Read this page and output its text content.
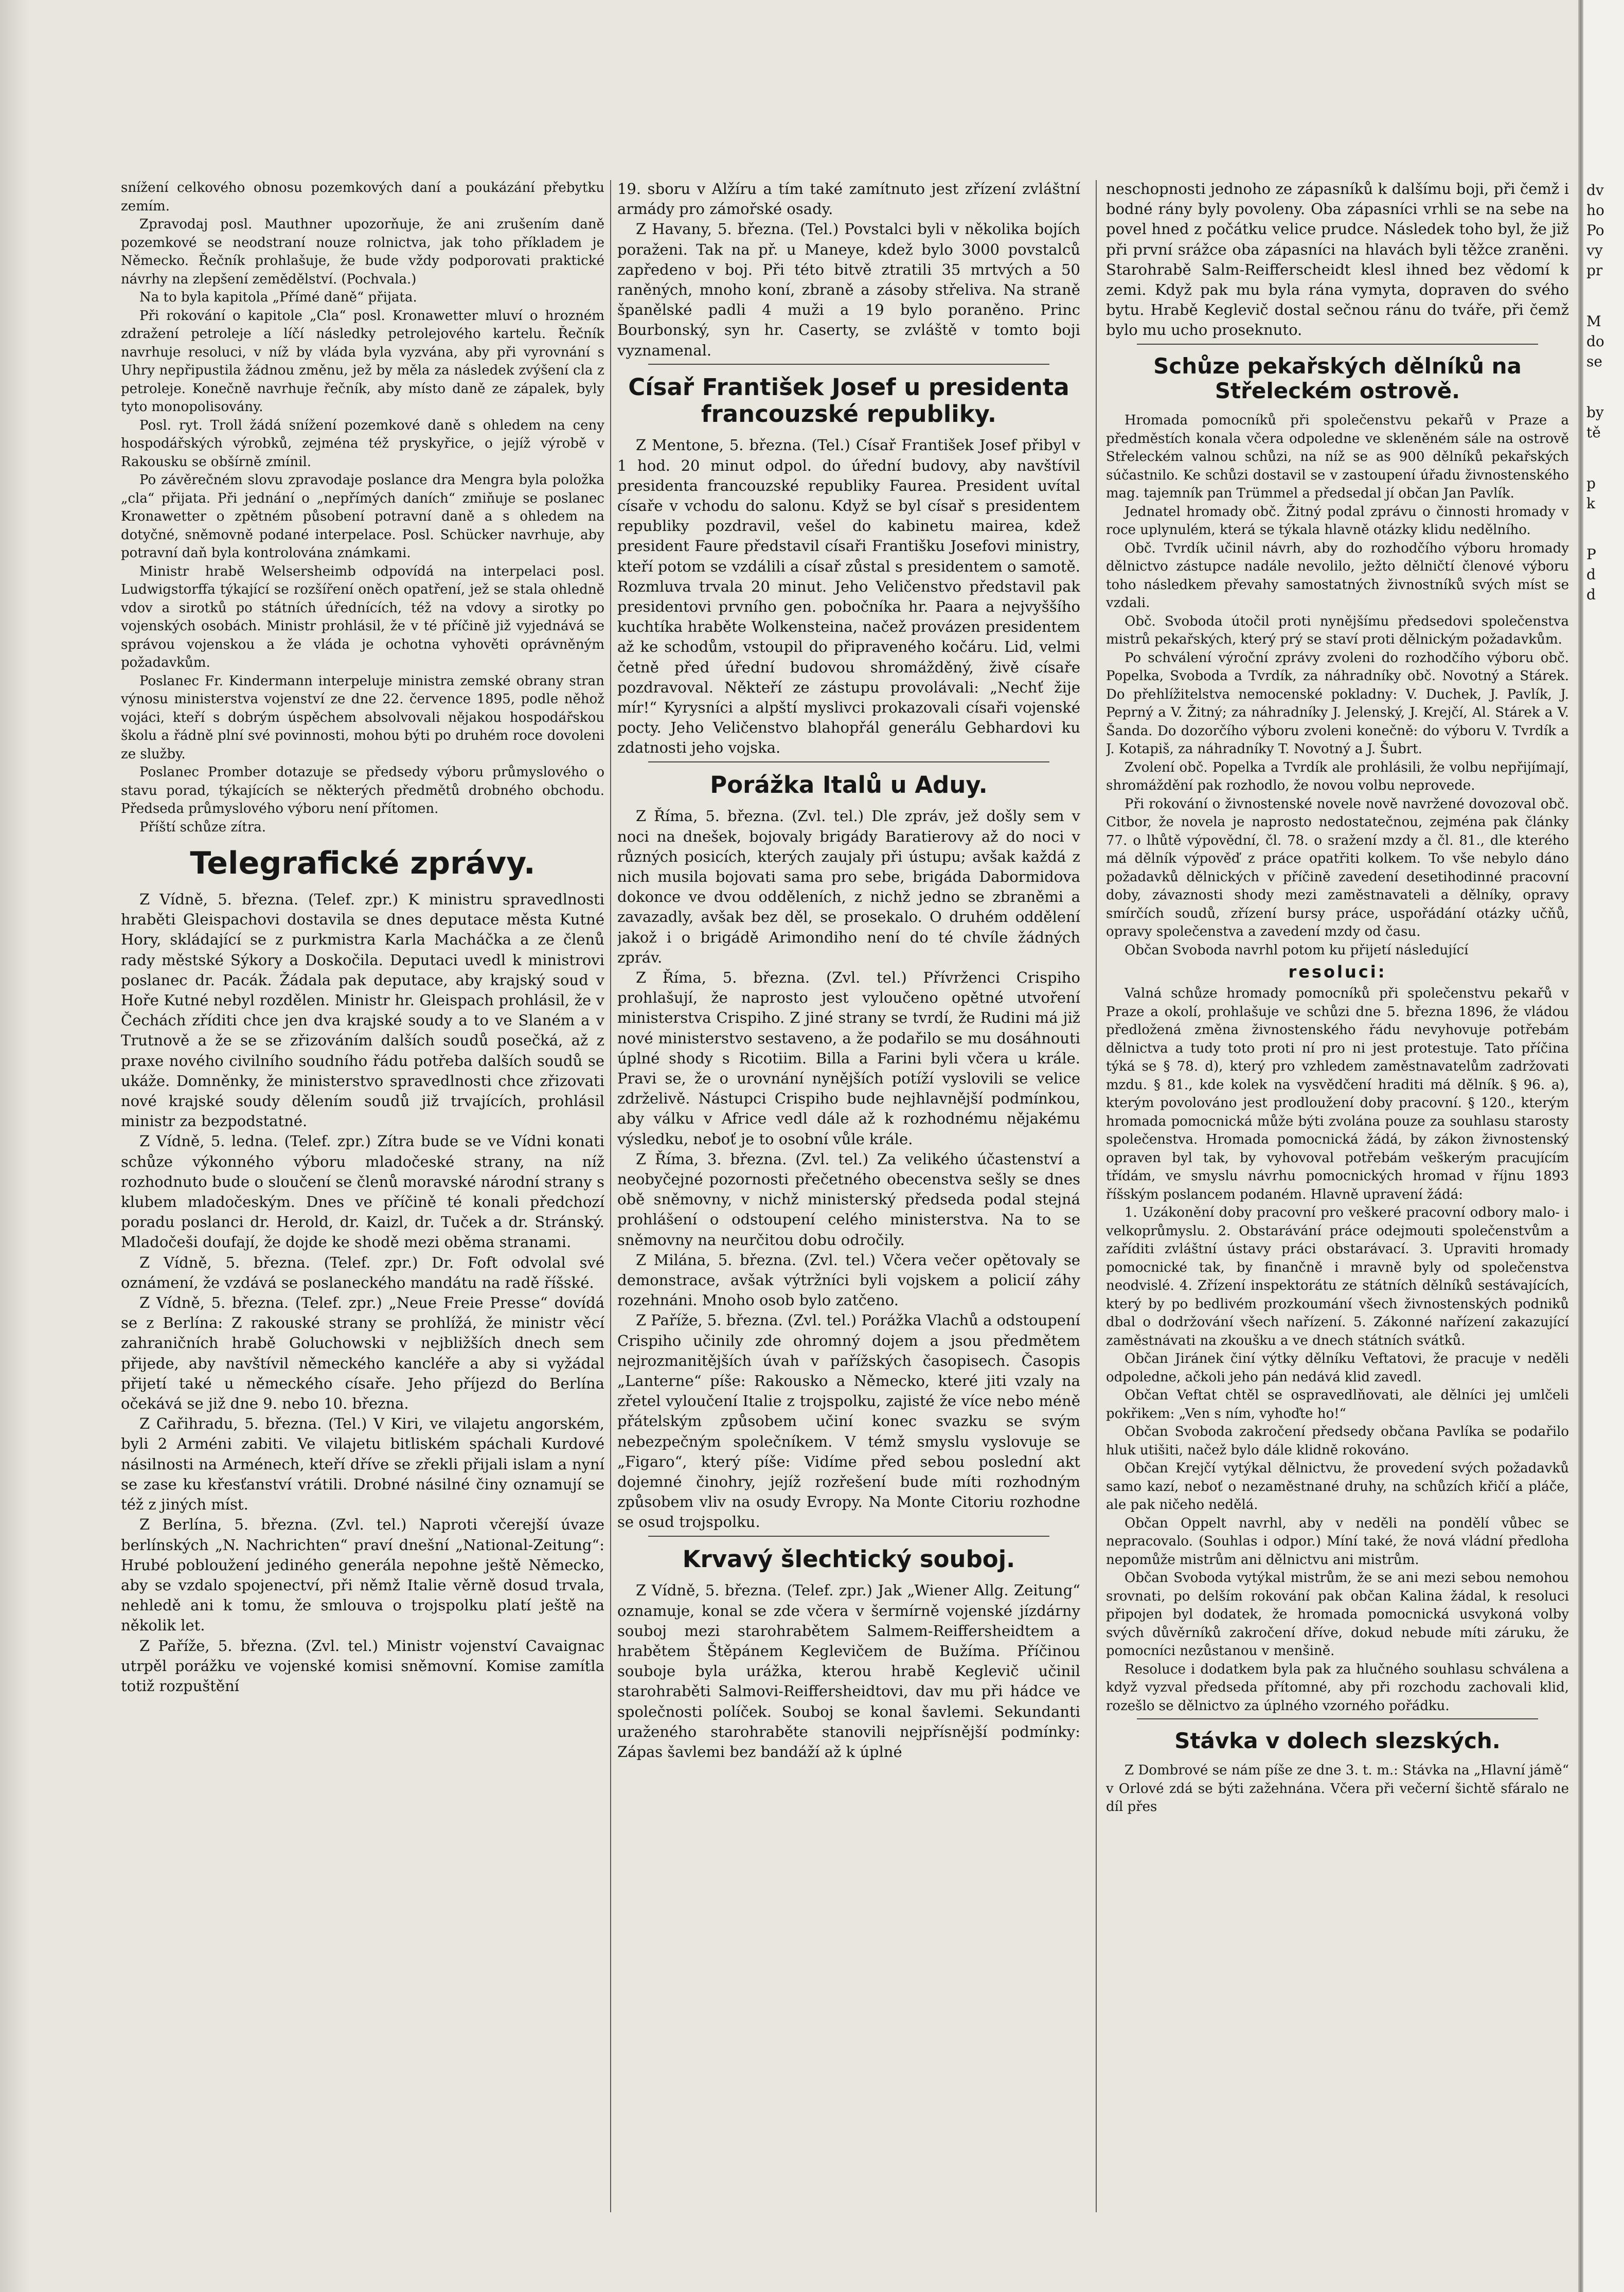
snížení celkového obnosu pozemkových daní a poukázání přebytku zemím.

Zpravodaj posl. Mauthner upozorňuje, že ani zrušením daně pozemkové se neodstraní nouze rolnictva, jak toho příkladem je Německo. Řečník prohlašuje, že bude vždy podporovati praktické návrhy na zlepšení zemědělství. (Pochvala.)

Na to byla kapitola „Přímé daně“ přijata.

Při rokování o kapitole „Cla“ posl. Kronawetter mluví o hrozném zdražení petroleje a líčí následky petrolejového kartelu. Řečník navrhuje resoluci, v níž by vláda byla vyzvána, aby při vyrovnání s Uhry nepřipustila žádnou změnu, jež by měla za následek zvýšení cla z petroleje. Konečně navrhuje řečník, aby místo daně ze zápalek, byly tyto monopolisovány.

Posl. ryt. Troll žádá snížení pozemkové daně s ohledem na ceny hospodářských výrobků, zejména též pryskyřice, o jejíž výrobě v Rakousku se obšírně zmínil.

Po závěrečném slovu zpravodaje poslance dra Mengra byla položka „cla“ přijata. Při jednání o „nepřímých daních“ zmiňuje se poslanec Kronawetter o zpětném působení potravní daně a s ohledem na dotyčné, sněmovně podané interpelace. Posl. Schücker navrhuje, aby potravní daň byla kontrolována známkami.

Ministr hrabě Welsersheimb odpovídá na interpelaci posl. Ludwigstorffa týkající se rozšíření oněch opatření, jež se stala ohledně vdov a sirotků po státních úřednících, též na vdovy a sirotky po vojenských osobách. Ministr prohlásil, že v té příčině již vyjednává se správou vojenskou a že vláda je ochotna vyhověti oprávněným požadavkům.

Poslanec Fr. Kindermann interpeluje ministra zemské obrany stran výnosu ministerstva vojenství ze dne 22. července 1895, podle něhož vojáci, kteří s dobrým úspěchem absolvovali nějakou hospodářskou školu a řádně plní své povinnosti, mohou býti po druhém roce dovoleni ze služby.

Poslanec Promber dotazuje se předsedy výboru průmyslového o stavu porad, týkajících se některých předmětů drobného obchodu. Předseda průmyslového výboru není přítomen.

Příští schůze zítra.

Telegrafické zprávy.

Z Vídně, 5. března. (Telef. zpr.) K ministru spravedlnosti hraběti Gleispachovi dostavila se dnes deputace města Kutné Hory, skládající se z purkmistra Karla Macháčka a ze členů rady městské Sýkory a Doskočila. Deputaci uvedl k ministrovi poslanec dr. Pacák. Žádala pak deputace, aby krajský soud v Hoře Kutné nebyl rozdělen. Ministr hr. Gleispach prohlásil, že v Čechách zříditi chce jen dva krajské soudy a to ve Slaném a v Trutnově a že se se zřizováním dalších soudů posečká, až z praxe nového civilního soudního řádu potřeba dalších soudů se ukáže. Domněnky, že ministerstvo spravedlnosti chce zřizovati nové krajské soudy dělením soudů již trvajících, prohlásil ministr za bezpodstatné.

Z Vídně, 5. ledna. (Telef. zpr.) Zítra bude se ve Vídni konati schůze výkonného výboru mladočeské strany, na níž rozhodnuto bude o sloučení se členů moravské národní strany s klubem mladočeským. Dnes ve příčině té konali předchozí poradu poslanci dr. Herold, dr. Kaizl, dr. Tuček a dr. Stránský. Mladočeši doufají, že dojde ke shodě mezi oběma stranami.

Z Vídně, 5. března. (Telef. zpr.) Dr. Foft odvolal své oznámení, že vzdává se poslaneckého mandátu na radě říšské.

Z Vídně, 5. března. (Telef. zpr.) „Neue Freie Presse“ dovídá se z Berlína: Z rakouské strany se prohlížá, že ministr věcí zahraničních hrabě Goluchowski v nejbližších dnech sem přijede, aby navštívil německého kancléře a aby si vyžádal přijetí také u německého císaře. Jeho příjezd do Berlína očekává se již dne 9. nebo 10. března.

Z Cařihradu, 5. března. (Tel.) V Kiri, ve vilajetu angorském, byli 2 Arméni zabiti. Ve vilajetu bitliském spáchali Kurdové násilnosti na Arménech, kteří dříve se zřekli přijali islam a nyní se zase ku křesťanství vrátili. Drobné násilné činy oznamují se též z jiných míst.

Z Berlína, 5. března. (Zvl. tel.) Naproti včerejší úvaze berlínských „N. Nachrichten“ praví dnešní „National-Zeitung“: Hrubé pobloužení jediného generála nepohne ještě Německo, aby se vzdalo spojenectví, při němž Italie věrně dosud trvala, nehledě ani k tomu, že smlouva o trojspolku platí ještě na několik let.

Z Paříže, 5. března. (Zvl. tel.) Ministr vojenství Cavaignac utrpěl porážku ve vojenské komisi sněmovní. Komise zamítla totiž rozpuštění

19. sboru v Alžíru a tím také zamítnuto jest zřízení zvláštní armády pro zámořské osady.

Z Havany, 5. března. (Tel.) Povstalci byli v několika bojích poraženi. Tak na př. u Maneye, kdež bylo 3000 povstalců zapředeno v boj. Při této bitvě ztratili 35 mrtvých a 50 raněných, mnoho koní, zbraně a zásoby střeliva. Na straně španělské padli 4 muži a 19 bylo poraněno. Princ Bourbonský, syn hr. Caserty, se zvláště v tomto boji vyznamenal.

Císař František Josef u presidenta francouzské republiky.

Z Mentone, 5. března. (Tel.) Císař František Josef přibyl v 1 hod. 20 minut odpol. do úřední budovy, aby navštívil presidenta francouzské republiky Faurea. President uvítal císaře v vchodu do salonu. Když se byl císař s presidentem republiky pozdravil, vešel do kabinetu mairea, kdež president Faure představil císaři Františku Josefovi ministry, kteří potom se vzdálili a císař zůstal s presidentem o samotě. Rozmluva trvala 20 minut. Jeho Veličenstvo představil pak presidentovi prvního gen. pobočníka hr. Paara a nejvyššího kuchtíka hraběte Wolkensteina, načež provázen presidentem až ke schodům, vstoupil do připraveného kočáru. Lid, velmi četně před úřední budovou shromážděný, živě císaře pozdravoval. Někteří ze zástupu provolávali: „Nechť žije mír!“ Kyrysníci a alpští myslivci prokazovali císaři vojenské pocty. Jeho Veličenstvo blahopřál generálu Gebhardovi ku zdatnosti jeho vojska.

Porážka Italů u Aduy.

Z Říma, 5. března. (Zvl. tel.) Dle zpráv, jež došly sem v noci na dnešek, bojovaly brigády Baratierovy až do noci v různých posicích, kterých zaujaly při ústupu; avšak každá z nich musila bojovati sama pro sebe, brigáda Dabormidova dokonce ve dvou odděleních, z nichž jedno se zbraněmi a zavazadly, avšak bez děl, se prosekalo. O druhém oddělení jakož i o brigádě Arimondiho není do té chvíle žádných zpráv.

Z Říma, 5. března. (Zvl. tel.) Přívrženci Crispiho prohlašují, že naprosto jest vyloučeno opětné utvoření ministerstva Crispiho. Z jiné strany se tvrdí, že Rudini má již nové ministerstvo sestaveno, a že podařilo se mu dosáhnouti úplné shody s Ricotiim. Billa a Farini byli včera u krále. Pravi se, že o urovnání nynějších potíží vyslovili se velice zdrželivě. Nástupci Crispiho bude nejhlavnější podmínkou, aby válku v Africe vedl dále až k rozhodnému nějakému výsledku, neboť je to osobní vůle krále.

Z Říma, 3. března. (Zvl. tel.) Za velikého účastenství a neobyčejné pozornosti přečetného obecenstva sešly se dnes obě sněmovny, v nichž ministerský předseda podal stejná prohlášení o odstoupení celého ministerstva. Na to se sněmovny na neurčitou dobu odročily.

Z Milána, 5. března. (Zvl. tel.) Včera večer opětovaly se demonstrace, avšak výtržníci byli vojskem a policií záhy rozehnáni. Mnoho osob bylo zatčeno.

Z Paříže, 5. března. (Zvl. tel.) Porážka Vlachů a odstoupení Crispiho učinily zde ohromný dojem a jsou předmětem nejrozmanitějších úvah v pařížských časopisech. Časopis „Lanterne“ píše: Rakousko a Německo, které jiti vzaly na zřetel vyloučení Italie z trojspolku, zajisté že více nebo méně přátelským způsobem učiní konec svazku se svým nebezpečným společníkem. V témž smyslu vyslovuje se „Figaro“, který píše: Vidíme před sebou poslední akt dojemné činohry, jejíž rozřešení bude míti rozhodným způsobem vliv na osudy Evropy. Na Monte Citoriu rozhodne se osud trojspolku.

Krvavý šlechtický souboj.

Z Vídně, 5. března. (Telef. zpr.) Jak „Wiener Allg. Zeitung“ oznamuje, konal se zde včera v šermírně vojenské jízdárny souboj mezi starohrabětem Salmem-Reiffersheidtem a hrabětem Štěpánem Keglevičem de Bužíma. Příčinou souboje byla urážka, kterou hrabě Keglevič učinil starohraběti Salmovi-Reiffersheidtovi, dav mu při hádce ve společnosti políček. Souboj se konal šavlemi. Sekundanti uraženého starohraběte stanovili nejpřísnější podmínky: Zápas šavlemi bez bandáží až k úplné

neschopnosti jednoho ze zápasníků k dalšímu boji, při čemž i bodné rány byly povoleny. Oba zápasníci vrhli se na sebe na povel hned z počátku velice prudce. Následek toho byl, že již při první srážce oba zápasníci na hlavách byli těžce zraněni. Starohrabě Salm-Reifferscheidt klesl ihned bez vědomí k zemi. Když pak mu byla rána vymyta, dopraven do svého bytu. Hrabě Keglevič dostal sečnou ránu do tváře, při čemž bylo mu ucho proseknuto.

Schůze pekařských dělníků na Střeleckém ostrově.

Hromada pomocníků při společenstvu pekařů v Praze a předměstích konala včera odpoledne ve skleněném sále na ostrově Střeleckém valnou schůzi, na níž se as 900 dělníků pekařských súčastnilo. Ke schůzi dostavil se v zastoupení úřadu živnostenského mag. tajemník pan Trümmel a předsedal jí občan Jan Pavlík.

Jednatel hromady obč. Žitný podal zprávu o činnosti hromady v roce uplynulém, která se týkala hlavně otázky klidu nedělního.

Obč. Tvrdík učinil návrh, aby do rozhodčího výboru hromady dělnictvo zástupce nadále nevolilo, ježto dělničtí členové výboru toho následkem převahy samostatných živnostníků svých míst se vzdali.

Obč. Svoboda útočil proti nynějšímu předsedovi společenstva mistrů pekařských, který prý se staví proti dělnickým požadavkům.

Po schválení výroční zprávy zvoleni do rozhodčího výboru obč. Popelka, Svoboda a Tvrdík, za náhradníky obč. Novotný a Stárek. Do přehlížitelstva nemocenské pokladny: V. Duchek, J. Pavlík, J. Peprný a V. Žitný; za náhradníky J. Jelenský, J. Krejčí, Al. Stárek a V. Šanda. Do dozorčího výboru zvoleni konečně: do výboru V. Tvrdík a J. Kotapiš, za náhradníky T. Novotný a J. Šubrt.

Zvolení obč. Popelka a Tvrdík ale prohlásili, že volbu nepřijímají, shromáždění pak rozhodlo, že novou volbu neprovede.

Při rokování o živnostenské novele nově navržené dovozoval obč. Citbor, že novela je naprosto nedostatečnou, zejména pak články 77. o lhůtě výpovědní, čl. 78. o sražení mzdy a čl. 81., dle kterého má dělník výpověď z práce opatřiti kolkem. To vše nebylo dáno požadavků dělnických v příčině zavedení desetihodinné pracovní doby, závaznosti shody mezi zaměstnavateli a dělníky, opravy smírčích soudů, zřízení bursy práce, uspořádání otázky učňů, opravy společenstva a zavedení mzdy od času.

Občan Svoboda navrhl potom ku přijetí následující

resoluci:

Valná schůze hromady pomocníků při společenstvu pekařů v Praze a okolí, prohlašuje ve schůzi dne 5. března 1896, že vládou předložená změna živnostenského řádu nevyhovuje potřebám dělnictva a tudy toto proti ní pro ni jest protestuje. Tato příčina týká se § 78. d), který pro vzhledem zaměstnavatelům zadržovati mzdu. § 81., kde kolek na vysvědčení hraditi má dělník. § 96. a), kterým povolováno jest prodloužení doby pracovní. § 120., kterým hromada pomocnická může býti zvolána pouze za souhlasu starosty společenstva. Hromada pomocnická žádá, by zákon živnostenský opraven byl tak, by vyhovoval potřebám veškerým pracujícím třídám, ve smyslu návrhu pomocnických hromad v říjnu 1893 říšským poslancem podaném. Hlavně upravení žádá:

1. Uzákonění doby pracovní pro veškeré pracovní odbory malo- i velkoprůmyslu. 2. Obstarávání práce odejmouti společenstvům a zaříditi zvláštní ústavy práci obstarávací. 3. Upraviti hromady pomocnické tak, by finančně i mravně byly od společenstva neodvislé. 4. Zřízení inspektorátu ze státních dělníků sestávajících, který by po bedlivém prozkoumání všech živnostenských podniků dbal o dodržování všech nařízení. 5. Zákonné nařízení zakazující zaměstnávati na zkoušku a ve dnech státních svátků.

Občan Jiránek činí výtky dělníku Veftatovi, že pracuje v neděli odpoledne, ačkoli jeho pán nedává klid zavedl.

Občan Veftat chtěl se ospravedlňovati, ale dělníci jej umlčeli pokřikem: „Ven s ním, vyhoďte ho!“

Občan Svoboda zakročení předsedy občana Pavlíka se podařilo hluk utišiti, načež bylo dále klidně rokováno.

Občan Krejčí vytýkal dělnictvu, že provedení svých požadavků samo kazí, neboť o nezaměstnané druhy, na schůzích křičí a pláče, ale pak ničeho nedělá.

Občan Oppelt navrhl, aby v neděli na pondělí vůbec se nepracovalo. (Souhlas i odpor.) Míní také, že nová vládní předloha nepomůže mistrům ani dělnictvu ani mistrům.

Občan Svoboda vytýkal mistrům, že se ani mezi sebou nemohou srovnati, po delším rokování pak občan Kalina žádal, k resoluci připojen byl dodatek, že hromada pomocnická usvykoná volby svých důvěrníků zakročení dříve, dokud nebude míti záruku, že pomocníci nezůstanou v menšině.

Resoluce i dodatkem byla pak za hlučného souhlasu schválena a když vyzval předseda přítomné, aby při rozchodu zachovali klid, rozešlo se dělnictvo za úplného vzorného pořádku.

Stávka v dolech slezských.

Z Dombrové se nám píše ze dne 3. t. m.: Stávka na „Hlavní jámě“ v Orlové zdá se býti zažehnána. Včera při večerní šichtě sfáralo ne díl přes

dv
ho
Po
vy
pr
M
do
se
by
tě
p
k
P
d
d
